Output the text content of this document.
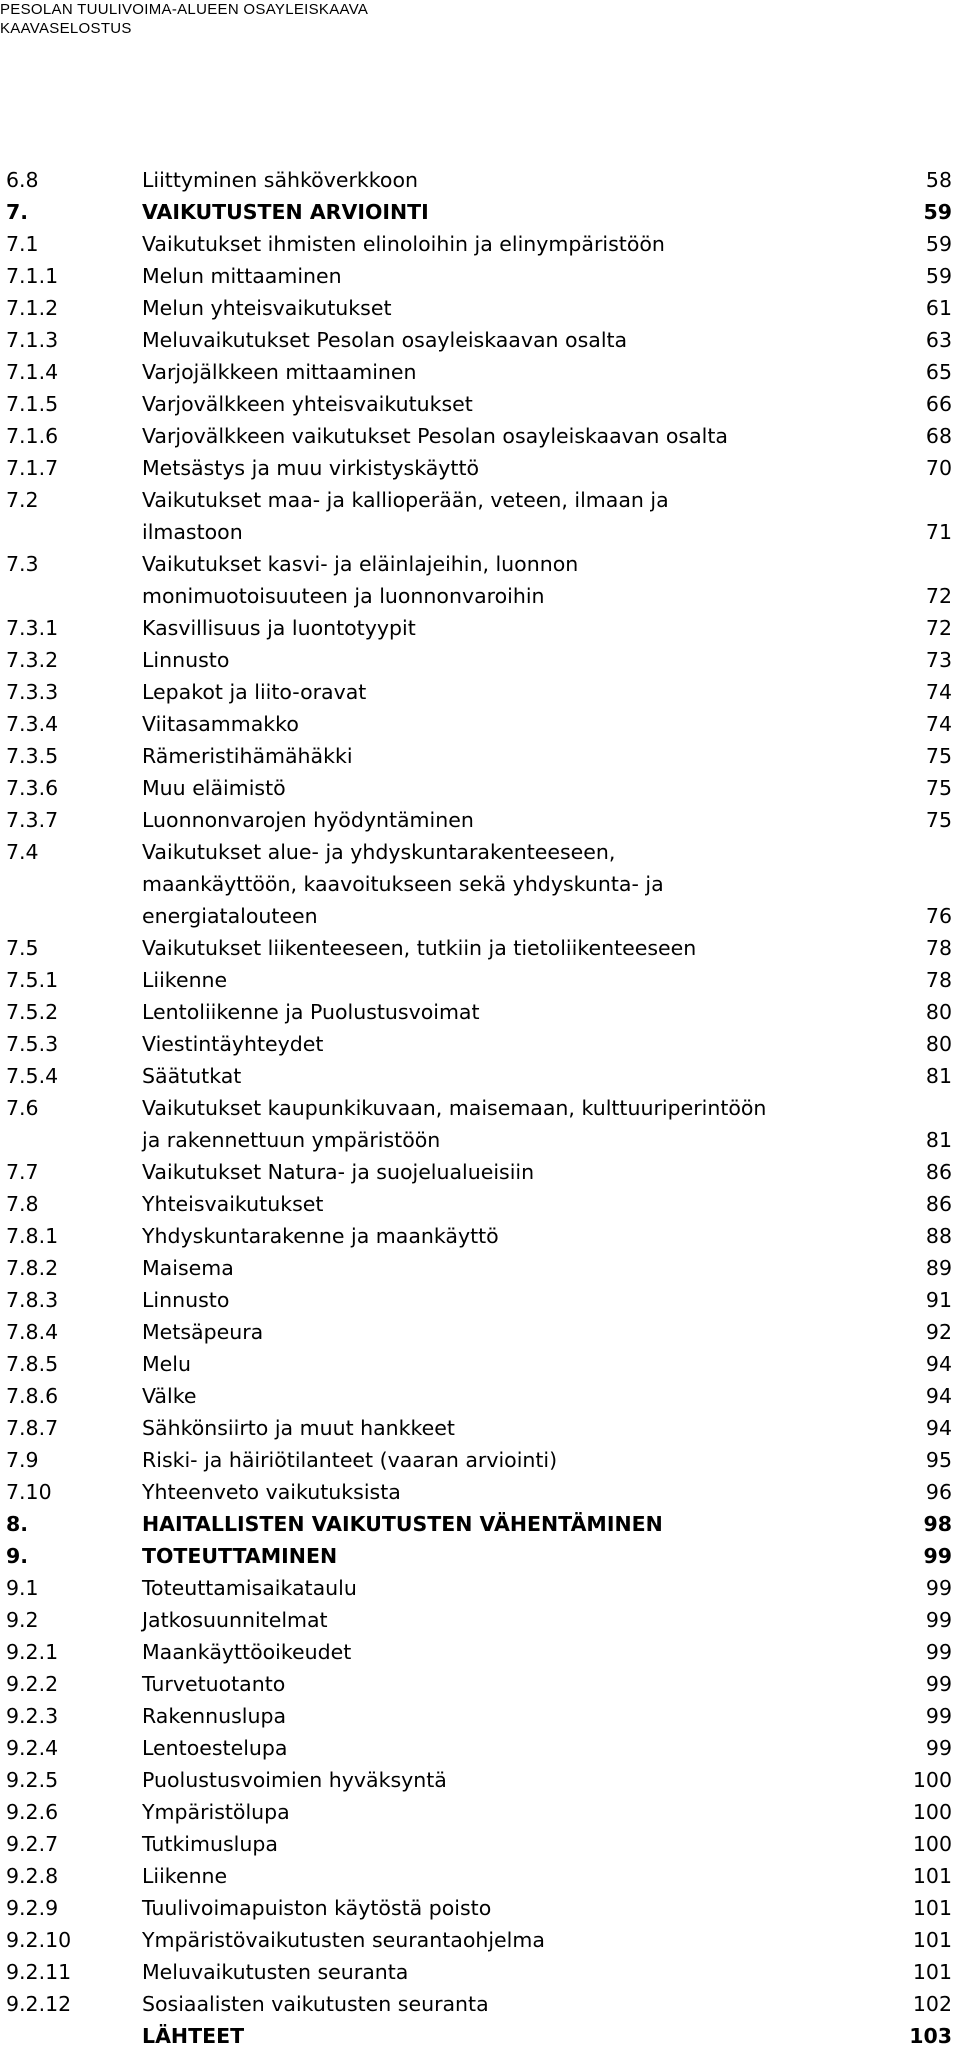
PESOLAN TUULIVOIMA-ALUEEN OSAYLEISKAAVA
KAAVASELOSTUS
6.8	Liittyminen sähköverkkoon	58
7.	VAIKUTUSTEN ARVIOINTI	59
7.1	Vaikutukset ihmisten elinoloihin ja elinympäristöön	59
7.1.1	Melun mittaaminen	59
7.1.2	Melun yhteisvaikutukset	61
7.1.3	Meluvaikutukset Pesolan osayleiskaavan osalta	63
7.1.4	Varjojälkkeen mittaaminen	65
7.1.5	Varjovälkkeen yhteisvaikutukset	66
7.1.6	Varjovälkkeen vaikutukset Pesolan osayleiskaavan osalta	68
7.1.7	Metsästys ja muu virkistyskäyttö	70
7.2	Vaikutukset maa- ja kallioperään, veteen, ilmaan ja
ilmastoon	71
7.3	Vaikutukset kasvi- ja eläinlajeihin, luonnon
monimuotoisuuteen ja luonnonvaroihin	72
7.3.1	Kasvillisuus ja luontotyypit	72
7.3.2	Linnusto	73
7.3.3	Lepakot ja liito-oravat	74
7.3.4	Viitasammakko	74
7.3.5	Rämeristihämähäkki	75
7.3.6	Muu eläimistö	75
7.3.7	Luonnonvarojen hyödyntäminen	75
7.4	Vaikutukset alue- ja yhdyskuntarakenteeseen,
maankäyttöön, kaavoitukseen sekä yhdyskunta- ja
energiatalouteen	76
7.5	Vaikutukset liikenteeseen, tutkiin ja tietoliikenteeseen	78
7.5.1	Liikenne	78
7.5.2	Lentoliikenne ja Puolustusvoimat	80
7.5.3	Viestintäyhteydet	80
7.5.4	Säätutkat	81
7.6	Vaikutukset kaupunkikuvaan, maisemaan, kulttuuriperintöön
ja rakennettuun ympäristöön	81
7.7	Vaikutukset Natura- ja suojelualueisiin	86
7.8	Yhteisvaikutukset	86
7.8.1	Yhdyskuntarakenne ja maankäyttö	88
7.8.2	Maisema	89
7.8.3	Linnusto	91
7.8.4	Metsäpeura	92
7.8.5	Melu	94
7.8.6	Välke	94
7.8.7	Sähkönsiirto ja muut hankkeet	94
7.9	Riski- ja häiriötilanteet (vaaran arviointi)	95
7.10	Yhteenveto vaikutuksista	96
8.	HAITALLISTEN VAIKUTUSTEN VÄHENTÄMINEN	98
9.	TOTEUTTAMINEN	99
9.1	Toteuttamisaikataulu	99
9.2	Jatkosuunnitelmat	99
9.2.1	Maankäyttöoikeudet	99
9.2.2	Turvetuotanto	99
9.2.3	Rakennuslupa	99
9.2.4	Lentoestelupa	99
9.2.5	Puolustusvoimien hyväksyntä	100
9.2.6	Ympäristölupa	100
9.2.7	Tutkimuslupa	100
9.2.8	Liikenne	101
9.2.9	Tuulivoimapuiston käytöstä poisto	101
9.2.10	Ympäristövaikutusten seurantaohjelma	101
9.2.11	Meluvaikutusten seuranta	101
9.2.12	Sosiaalisten vaikutusten seuranta	102
LÄHTEET	103
